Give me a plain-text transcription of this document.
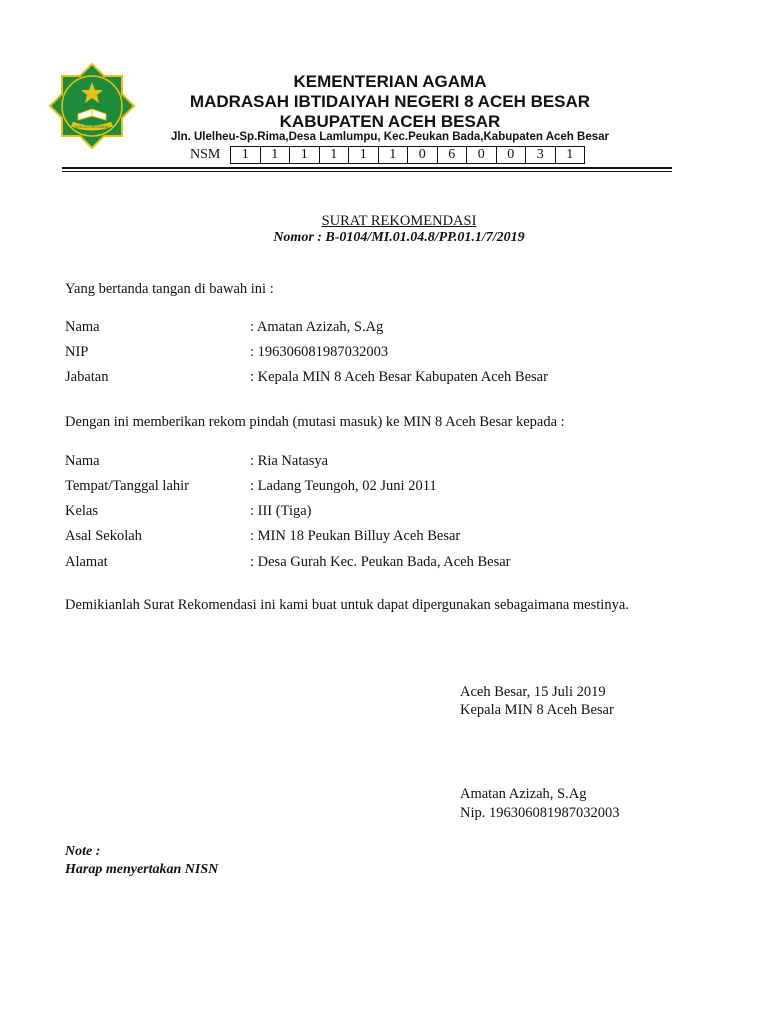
IKHLAS BERAMAL
KEMENTERIAN AGAMA
MADRASAH IBTIDAIYAH NEGERI 8 ACEH BESAR
KABUPATEN ACEH BESAR
Jln. Ulelheu-Sp.Rima,Desa Lamlumpu, Kec.Peukan Bada,Kabupaten Aceh Besar
NSM	1	1	1	1	1	1	0	6	0	0	3	1
SURAT REKOMENDASI
Nomor : B-0104/MI.01.04.8/PP.01.1/7/2019
Yang bertanda tangan di bawah ini :
Nama	: Amatan Azizah, S.Ag
NIP	: 196306081987032003
Jabatan	: Kepala MIN 8 Aceh Besar Kabupaten Aceh Besar
Dengan ini memberikan rekom pindah (mutasi masuk) ke MIN 8 Aceh Besar kepada :
Nama	: Ria Natasya
Tempat/Tanggal lahir	: Ladang Teungoh, 02 Juni 2011
Kelas	: III (Tiga)
Asal Sekolah	: MIN 18 Peukan Billuy Aceh Besar
Alamat	: Desa Gurah Kec. Peukan Bada, Aceh Besar
Demikianlah Surat Rekomendasi ini kami buat untuk dapat dipergunakan sebagaimana mestinya.
Aceh Besar, 15 Juli 2019
Kepala MIN 8 Aceh Besar
Amatan Azizah, S.Ag
Nip. 196306081987032003
Note :
Harap menyertakan NISN
